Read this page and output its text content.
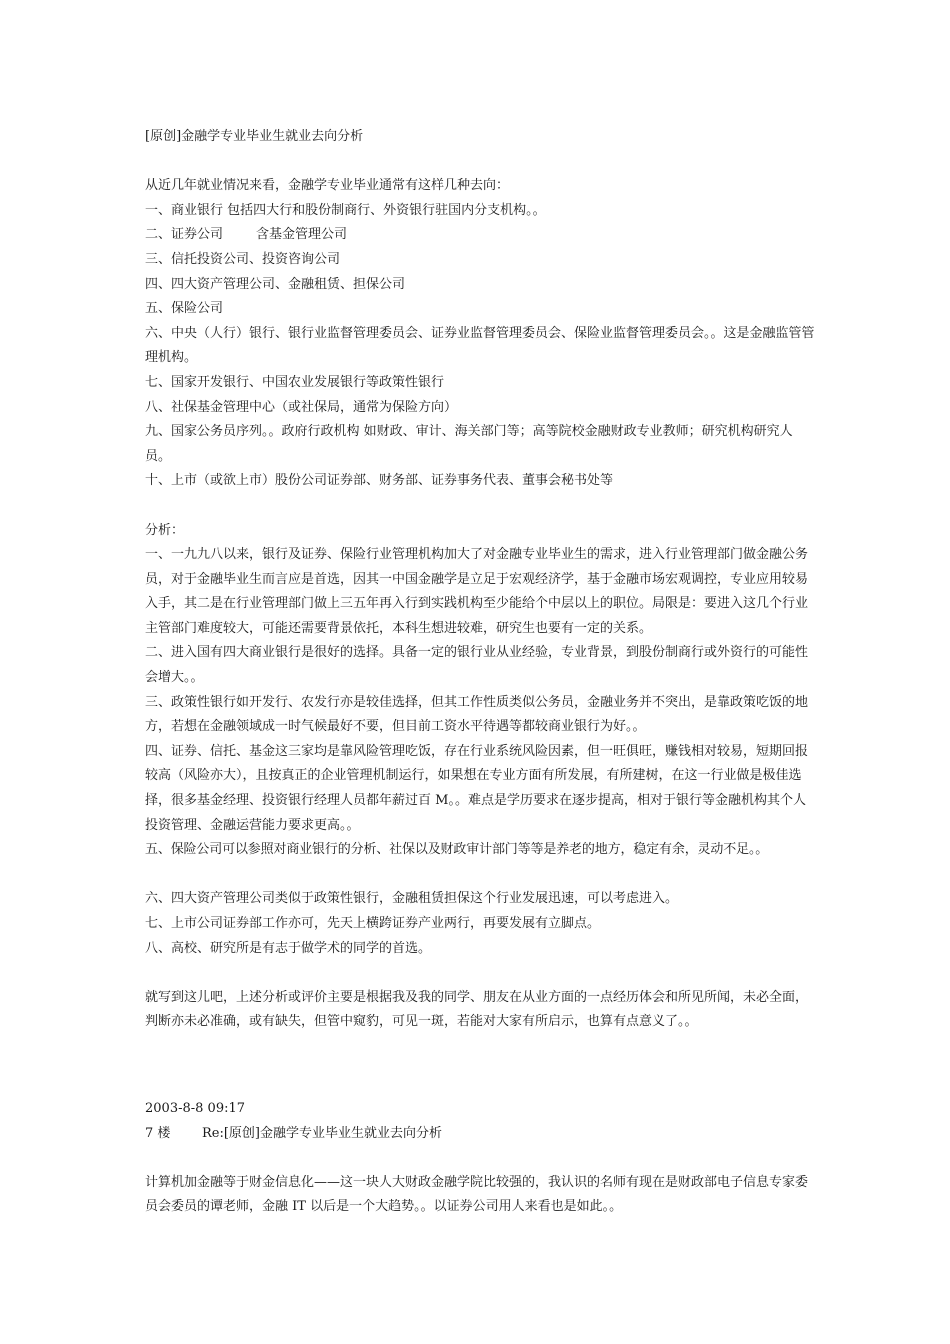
[原创]金融学专业毕业生就业去向分析
从近几年就业情况来看，金融学专业毕业通常有这样几种去向：
一、商业银行 包括四大行和股份制商行、外资银行驻国内分支机构。。
二、证券公司        含基金管理公司
三、信托投资公司、投资咨询公司
四、四大资产管理公司、金融租赁、担保公司
五、保险公司
六、中央（人行）银行、银行业监督管理委员会、证券业监督管理委员会、保险业监督管理委员会。。这是金融监管管理机构。
七、国家开发银行、中国农业发展银行等政策性银行
八、社保基金管理中心（或社保局，通常为保险方向）
九、国家公务员序列。。政府行政机构 如财政、审计、海关部门等；高等院校金融财政专业教师；研究机构研究人员。
十、上市（或欲上市）股份公司证券部、财务部、证券事务代表、董事会秘书处等
分析：
一、一九九八以来，银行及证券、保险行业管理机构加大了对金融专业毕业生的需求，进入行业管理部门做金融公务员，对于金融毕业生而言应是首选，因其一中国金融学是立足于宏观经济学，基于金融市场宏观调控，专业应用较易入手，其二是在行业管理部门做上三五年再入行到实践机构至少能给个中层以上的职位。局限是：要进入这几个行业主管部门难度较大，可能还需要背景依托，本科生想进较难，研究生也要有一定的关系。
二、进入国有四大商业银行是很好的选择。具备一定的银行业从业经验，专业背景，到股份制商行或外资行的可能性会增大。。
三、政策性银行如开发行、农发行亦是较佳选择，但其工作性质类似公务员，金融业务并不突出，是靠政策吃饭的地方，若想在金融领域成一时气候最好不要，但目前工资水平待遇等都较商业银行为好。。
四、证券、信托、基金这三家均是靠风险管理吃饭，存在行业系统风险因素，但一旺俱旺，赚钱相对较易，短期回报较高（风险亦大），且按真正的企业管理机制运行，如果想在专业方面有所发展，有所建树，在这一行业做是极佳选择，很多基金经理、投资银行经理人员都年薪过百 M。。难点是学历要求在逐步提高，相对于银行等金融机构其个人投资管理、金融运营能力要求更高。。
五、保险公司可以参照对商业银行的分析、社保以及财政审计部门等等是养老的地方，稳定有余，灵动不足。。
六、四大资产管理公司类似于政策性银行，金融租赁担保这个行业发展迅速，可以考虑进入。
七、上市公司证券部工作亦可，先天上横跨证券产业两行，再要发展有立脚点。
八、高校、研究所是有志于做学术的同学的首选。
就写到这儿吧，上述分析或评价主要是根据我及我的同学、朋友在从业方面的一点经历体会和所见所闻，未必全面，判断亦未必准确，或有缺失，但管中窥豹，可见一斑，若能对大家有所启示，也算有点意义了。。
2003-8-8 09:17
7 楼 Re:[原创]金融学专业毕业生就业去向分析
计算机加金融等于财金信息化——这一块人大财政金融学院比较强的，我认识的名师有现在是财政部电子信息专家委员会委员的谭老师，金融 IT 以后是一个大趋势。。以证券公司用人来看也是如此。。
